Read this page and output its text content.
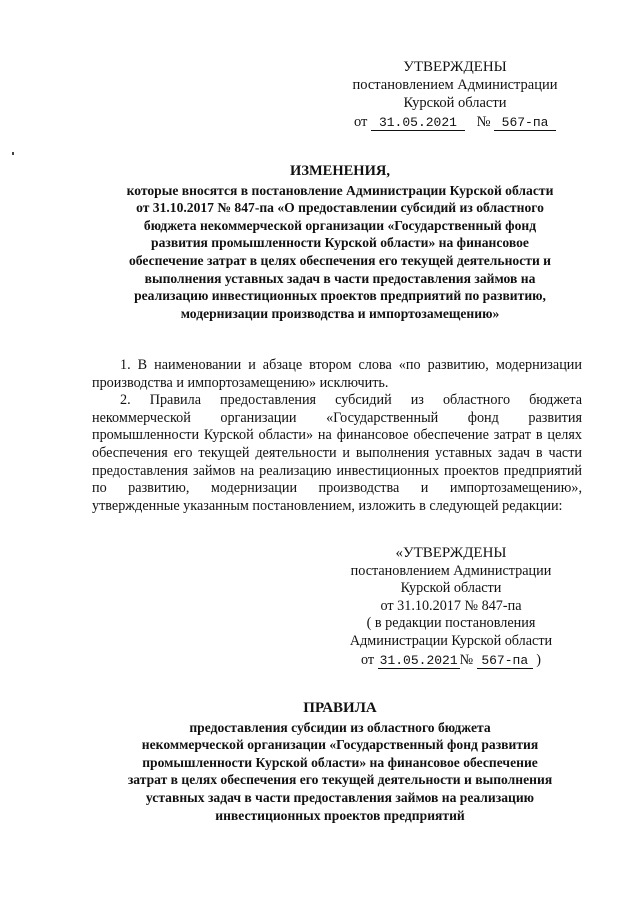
УТВЕРЖДЕНЫ
постановлением Администрации
Курской области
от 31.05.2021 № 567-па
ИЗМЕНЕНИЯ,
которые вносятся в постановление Администрации Курской области
от 31.10.2017 № 847-па «О предоставлении субсидий из областного
бюджета некоммерческой организации «Государственный фонд
развития промышленности Курской области» на финансовое
обеспечение затрат в целях обеспечения его текущей деятельности и
выполнения уставных задач в части предоставления займов на
реализацию инвестиционных проектов предприятий по развитию,
модернизации производства и импортозамещению»

1. В наименовании и абзаце втором слова «по развитию, модернизации производства и импортозамещению» исключить.

2. Правила предоставления субсидий из областного бюджета некоммерческой организации «Государственный фонд развития промышленности Курской области» на финансовое обеспечение затрат в целях обеспечения его текущей деятельности и выполнения уставных задач в части предоставления займов на реализацию инвестиционных проектов предприятий по развитию, модернизации производства и импортозамещению», утвержденные указанным постановлением, изложить в следующей редакции:

«УТВЕРЖДЕНЫ
постановлением Администрации
Курской области
от 31.10.2017 № 847-па
( в редакции постановления
Администрации Курской области
от 31.05.2021 № 567-па )
ПРАВИЛА
предоставления субсидии из областного бюджета
некоммерческой организации «Государственный фонд развития
промышленности Курской области» на финансовое обеспечение
затрат в целях обеспечения его текущей деятельности и выполнения
уставных задач в части предоставления займов на реализацию
инвестиционных проектов предприятий
